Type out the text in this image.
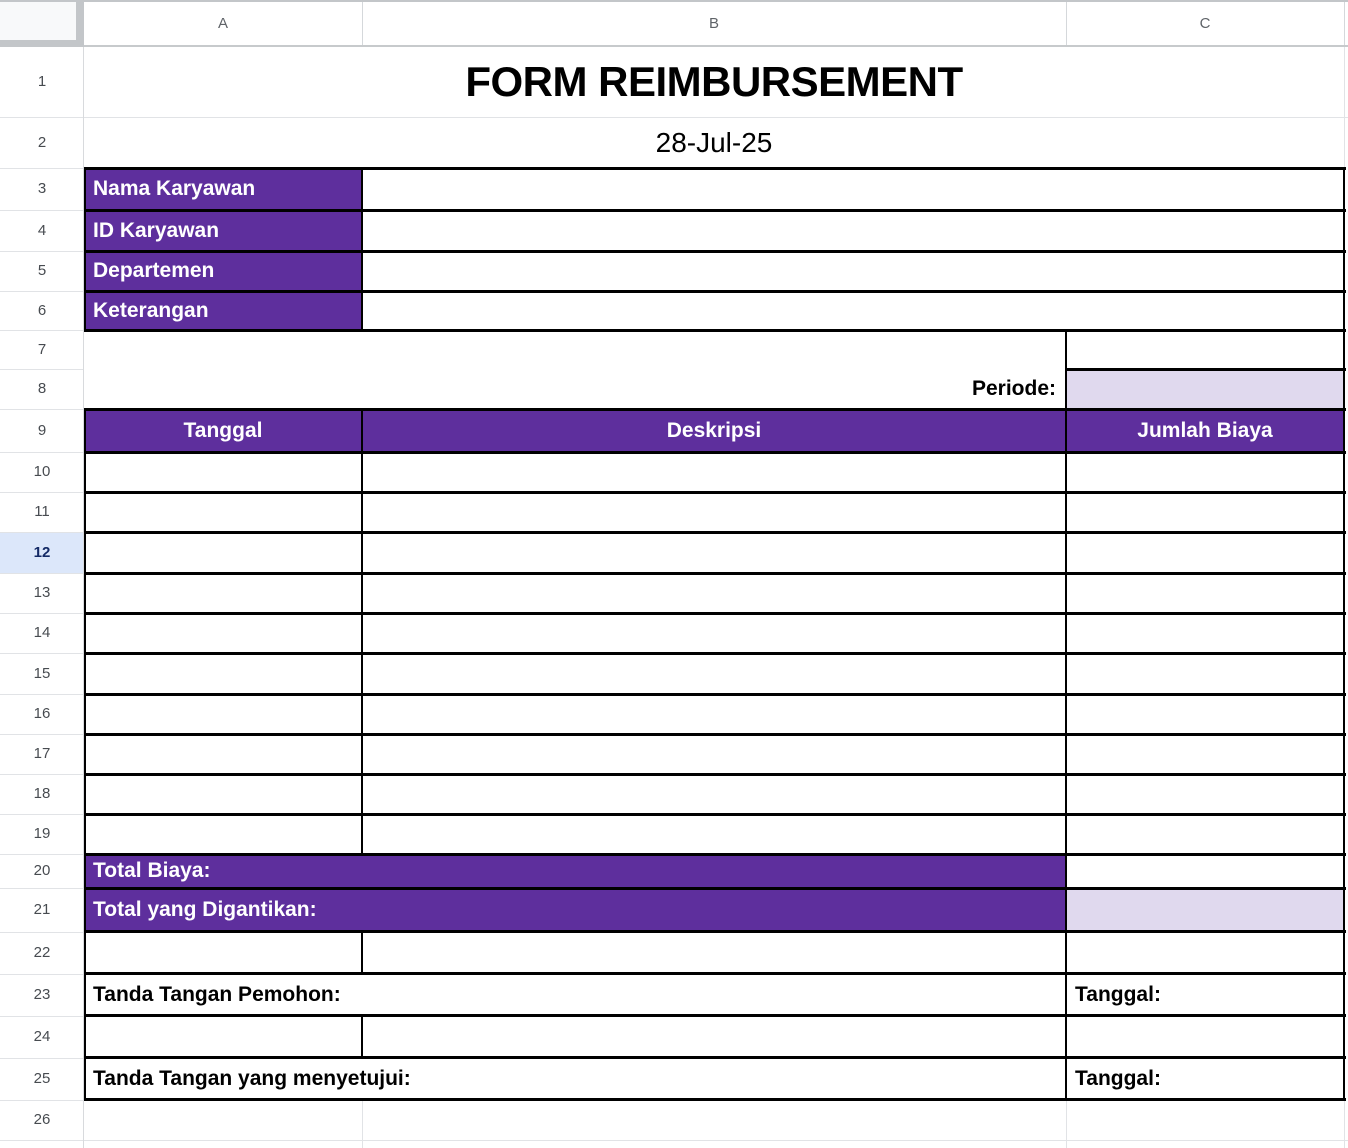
A	B	C
1
2
3
4
5
6
7
8
9
10
11
12
13
14
15
16
17
18
19
20
21
22
23
24
25
26
FORM REIMBURSEMENT
28-Jul-25
Nama Karyawan
ID Karyawan
Departemen
Keterangan
Periode:
Tanggal	Deskripsi	Jumlah Biaya
Total Biaya:
Total yang Digantikan:
Tanda Tangan Pemohon:	Tanggal:
Tanda Tangan yang menyetujui:	Tanggal:
